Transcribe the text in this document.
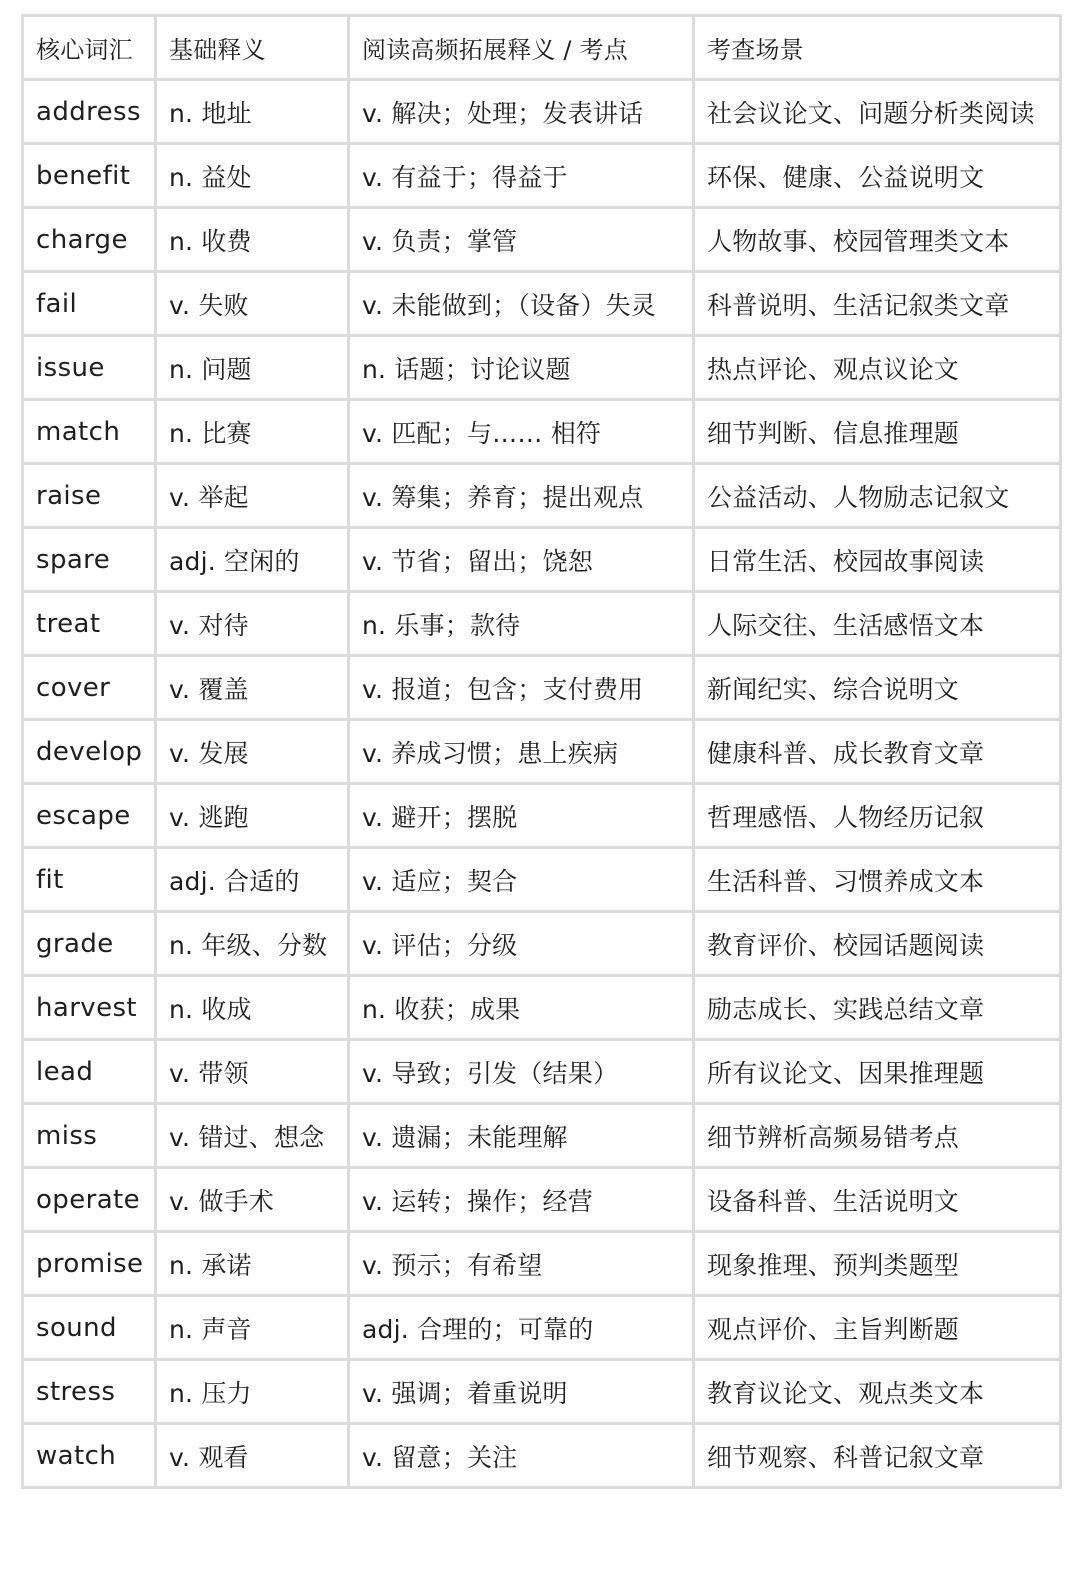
核心词汇	基础释义	阅读高频拓展释义 / 考点	考查场景
address	n. 地址	v. 解决；处理；发表讲话	社会议论文、问题分析类阅读
benefit	n. 益处	v. 有益于；得益于	环保、健康、公益说明文
charge	n. 收费	v. 负责；掌管	人物故事、校园管理类文本
fail	v. 失败	v. 未能做到；（设备）失灵	科普说明、生活记叙类文章
issue	n. 问题	n. 话题；讨论议题	热点评论、观点议论文
match	n. 比赛	v. 匹配；与…… 相符	细节判断、信息推理题
raise	v. 举起	v. 筹集；养育；提出观点	公益活动、人物励志记叙文
spare	adj. 空闲的	v. 节省；留出；饶恕	日常生活、校园故事阅读
treat	v. 对待	n. 乐事；款待	人际交往、生活感悟文本
cover	v. 覆盖	v. 报道；包含；支付费用	新闻纪实、综合说明文
develop	v. 发展	v. 养成习惯；患上疾病	健康科普、成长教育文章
escape	v. 逃跑	v. 避开；摆脱	哲理感悟、人物经历记叙
fit	adj. 合适的	v. 适应；契合	生活科普、习惯养成文本
grade	n. 年级、分数	v. 评估；分级	教育评价、校园话题阅读
harvest	n. 收成	n. 收获；成果	励志成长、实践总结文章
lead	v. 带领	v. 导致；引发（结果）	所有议论文、因果推理题
miss	v. 错过、想念	v. 遗漏；未能理解	细节辨析高频易错考点
operate	v. 做手术	v. 运转；操作；经营	设备科普、生活说明文
promise	n. 承诺	v. 预示；有希望	现象推理、预判类题型
sound	n. 声音	adj. 合理的；可靠的	观点评价、主旨判断题
stress	n. 压力	v. 强调；着重说明	教育议论文、观点类文本
watch	v. 观看	v. 留意；关注	细节观察、科普记叙文章
